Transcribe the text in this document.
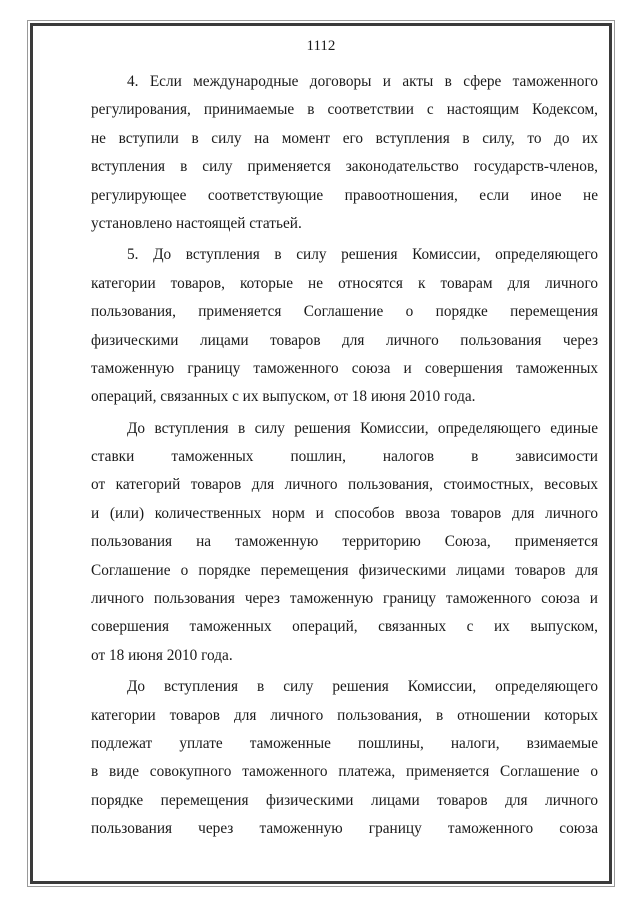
1112
4. Если международные договоры и акты в сфере таможенного
регулирования, принимаемые в соответствии с настоящим Кодексом,
не вступили в силу на момент его вступления в силу, то до их
вступления в силу применяется законодательство государств-членов,
регулирующее соответствующие правоотношения, если иное не
установлено настоящей статьей.
5. До вступления в силу решения Комиссии, определяющего
категории товаров, которые не относятся к товарам для личного
пользования, применяется Соглашение о порядке перемещения
физическими лицами товаров для личного пользования через
таможенную границу таможенного союза и совершения таможенных
операций, связанных с их выпуском, от 18 июня 2010 года.
До вступления в силу решения Комиссии, определяющего единые
ставки таможенных пошлин, налогов в зависимости
от категорий товаров для личного пользования, стоимостных, весовых
и (или) количественных норм и способов ввоза товаров для личного
пользования на таможенную территорию Союза, применяется
Соглашение о порядке перемещения физическими лицами товаров для
личного пользования через таможенную границу таможенного союза и
совершения таможенных операций, связанных с их выпуском,
от 18 июня 2010 года.
До вступления в силу решения Комиссии, определяющего
категории товаров для личного пользования, в отношении которых
подлежат уплате таможенные пошлины, налоги, взимаемые
в виде совокупного таможенного платежа, применяется Соглашение о
порядке перемещения физическими лицами товаров для личного
пользования через таможенную границу таможенного союза
